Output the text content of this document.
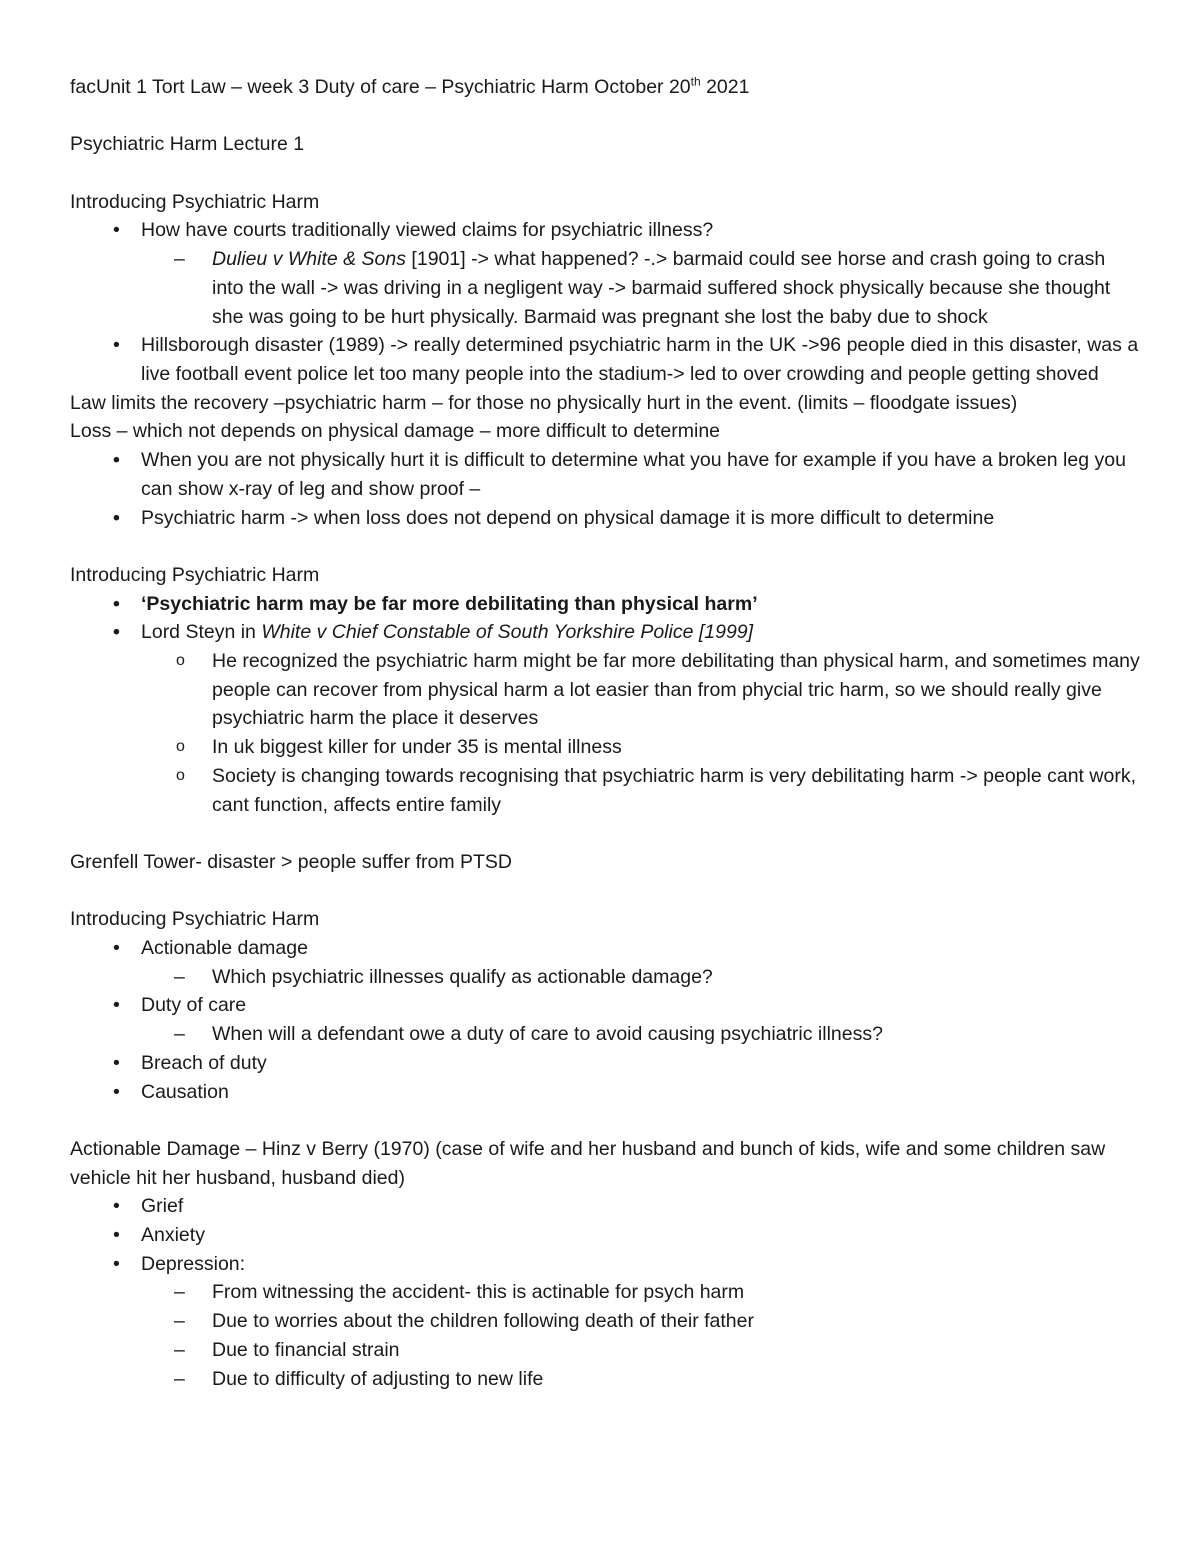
facUnit 1 Tort Law – week 3 Duty of care – Psychiatric Harm October 20th 2021

Psychiatric Harm Lecture 1

Introducing Psychiatric Harm

• How have courts traditionally viewed claims for psychiatric illness?
– Dulieu v White & Sons [1901] -> what happened? -.> barmaid could see horse and crash going to crash into the wall -> was driving in a negligent way -> barmaid suffered shock physically because she thought she was going to be hurt physically. Barmaid was pregnant she lost the baby due to shock
• Hillsborough disaster (1989) -> really determined psychiatric harm in the UK ->96 people died in this disaster, was a live football event police let too many people into the stadium-> led to over crowding and people getting shoved

Law limits the recovery –psychiatric harm – for those no physically hurt in the event. (limits – floodgate issues)

Loss – which not depends on physical damage – more difficult to determine

• When you are not physically hurt it is difficult to determine what you have for example if you have a broken leg you can show x-ray of leg and show proof –
• Psychiatric harm -> when loss does not depend on physical damage it is more difficult to determine

Introducing Psychiatric Harm

• ‘Psychiatric harm may be far more debilitating than physical harm’
• Lord Steyn in White v Chief Constable of South Yorkshire Police [1999]
o He recognized the psychiatric harm might be far more debilitating than physical harm, and sometimes many people can recover from physical harm a lot easier than from phycial tric harm, so we should really give psychiatric harm the place it deserves
o In uk biggest killer for under 35 is mental illness
o Society is changing towards recognising that psychiatric harm is very debilitating harm -> people cant work, cant function, affects entire family

Grenfell Tower- disaster > people suffer from PTSD

Introducing Psychiatric Harm

• Actionable damage
– Which psychiatric illnesses qualify as actionable damage?
• Duty of care
– When will a defendant owe a duty of care to avoid causing psychiatric illness?
• Breach of duty
• Causation

Actionable Damage – Hinz v Berry (1970) (case of wife and her husband and bunch of kids, wife and some children saw vehicle hit her husband, husband died)

• Grief
• Anxiety
• Depression:
– From witnessing the accident- this is actinable for psych harm
– Due to worries about the children following death of their father
– Due to financial strain
– Due to difficulty of adjusting to new life
